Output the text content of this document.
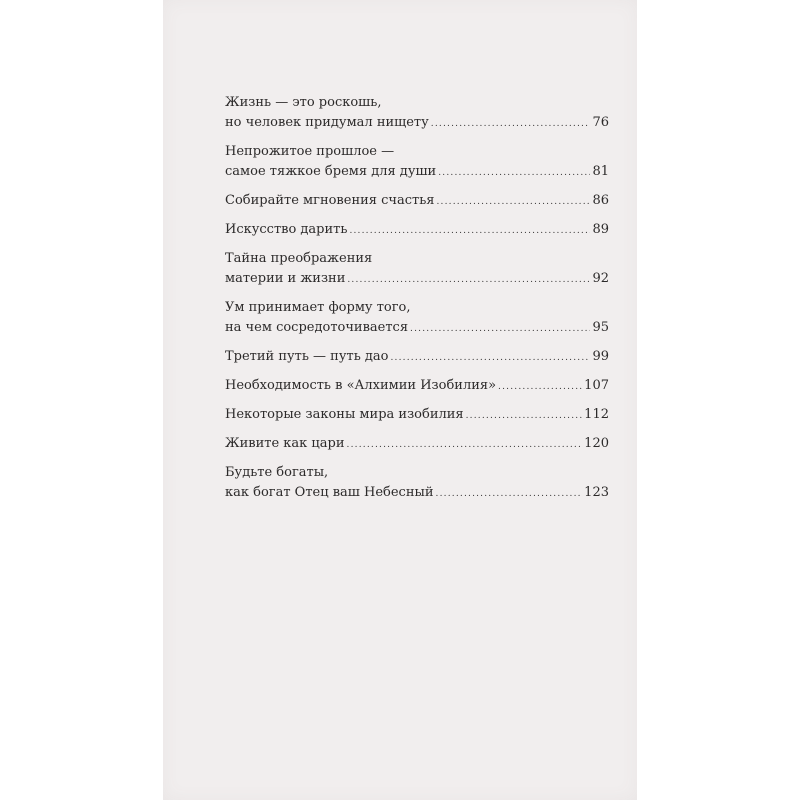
Жизнь — это роскошь,
но человек придумал нищету .....	76
Непрожитое прошлое —
самое тяжкое бремя для души .....	81
Собирайте мгновения счастья .....	86
Искусство дарить .....	89
Тайна преображения
материи и жизни .....	92
Ум принимает форму того,
на чем сосредоточивается .....	95
Третий путь — путь дао .....	99
Необходимость в «Алхимии Изобилия» .....	107
Некоторые законы мира изобилия .....	112
Живите как цари .....	120
Будьте богаты,
как богат Отец ваш Небесный .....	123
